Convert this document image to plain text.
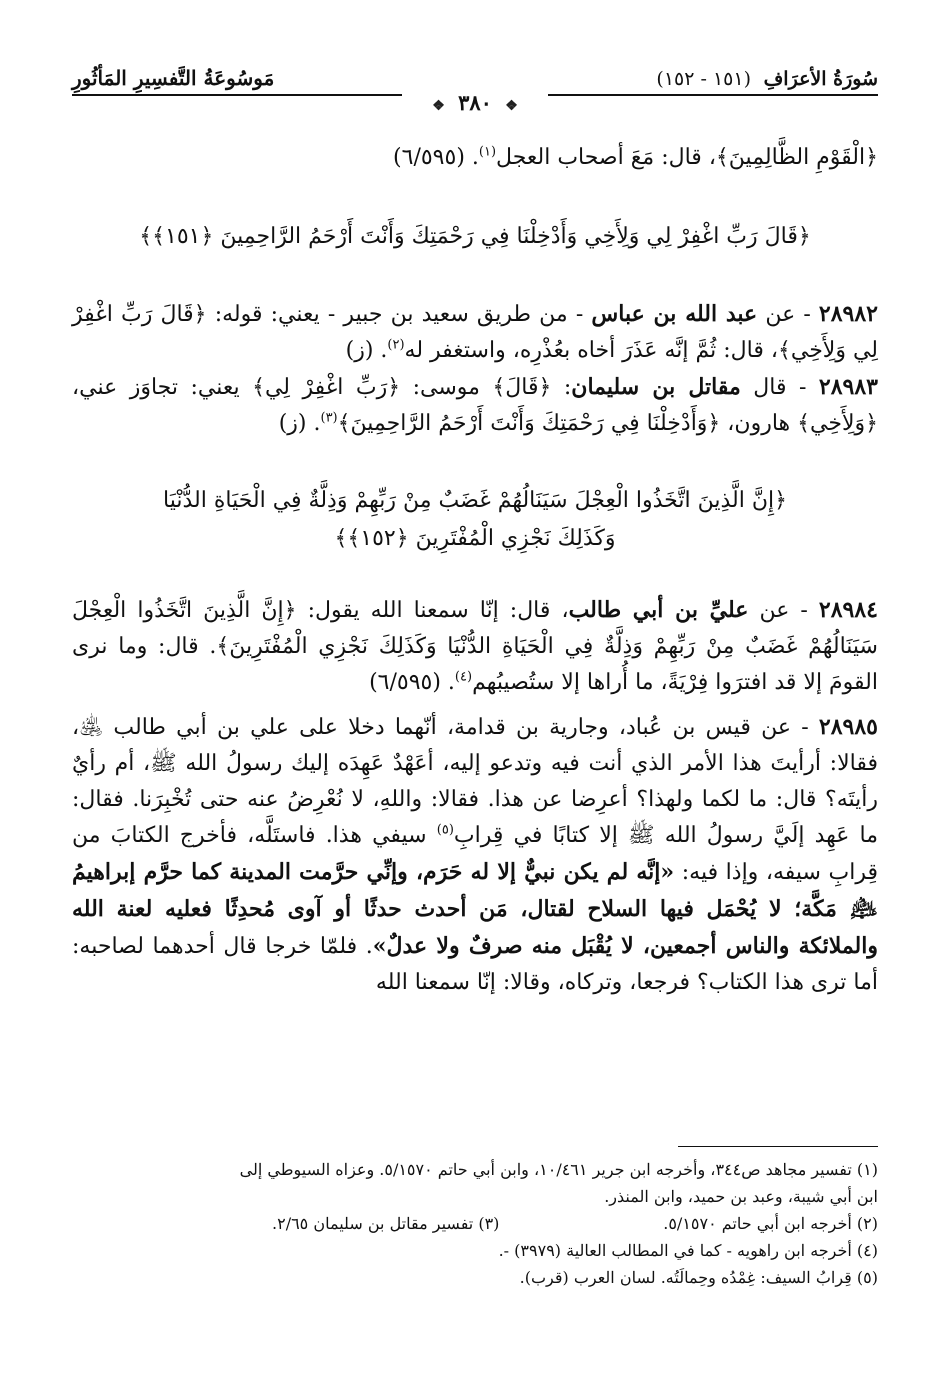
سُورَةُ الأعرَافِ (١٥١ - ١٥٢)
❖ ٣٨٠ ❖
مَوسُوعَةُ التَّفسِيرِ المَأثُورِ

﴿الْقَوْمِ الظَّالِمِينَ﴾، قال: مَعَ أصحاب العجل$^{(١)}$. (٦/٥٩٥)

﴿قَالَ رَبِّ اغْفِرْ لِي وَلِأَخِي وَأَدْخِلْنَا فِي رَحْمَتِكَ وَأَنْتَ أَرْحَمُ الرَّاحِمِينَ ﴿١٥١﴾﴾

٢٨٩٨٢ - عن عبد الله بن عباس - من طريق سعيد بن جبير - يعني: قوله: ﴿قَالَ رَبِّ اغْفِرْ لِي وَلِأَخِي﴾، قال: ثُمَّ إنَّه عَذَرَ أخاه بعُذْرِه، واستغفر له$^{(٢)}$. (ز)

٢٨٩٨٣ - قال مقاتل بن سليمان: ﴿قَالَ﴾ موسى: ﴿رَبِّ اغْفِرْ لِي﴾ يعني: تجاوَز عني، ﴿وَلِأَخِي﴾ هارون، ﴿وَأَدْخِلْنَا فِي رَحْمَتِكَ وَأَنْتَ أَرْحَمُ الرَّاحِمِينَ﴾$^{(٣)}$. (ز)

﴿إِنَّ الَّذِينَ اتَّخَذُوا الْعِجْلَ سَيَنَالُهُمْ غَضَبٌ مِنْ رَبِّهِمْ وَذِلَّةٌ فِي الْحَيَاةِ الدُّنْيَا
وَكَذَلِكَ نَجْزِي الْمُفْتَرِينَ ﴿١٥٢﴾﴾

٢٨٩٨٤ - عن عليِّ بن أبي طالب، قال: إنّا سمعنا الله يقول: ﴿إِنَّ الَّذِينَ اتَّخَذُوا الْعِجْلَ سَيَنَالُهُمْ غَضَبٌ مِنْ رَبِّهِمْ وَذِلَّةٌ فِي الْحَيَاةِ الدُّنْيَا وَكَذَلِكَ نَجْزِي الْمُفْتَرِينَ﴾. قال: وما نرى القومَ إلا قد افترَوا فِرْيَةً، ما أُراها إلا ستُصيبُهم$^{(٤)}$. (٦/٥٩٥)

٢٨٩٨٥ - عن قيس بن عُباد، وجارية بن قدامة، أنّهما دخلا على علي بن أبي طالب ﵁، فقالا: أرأيتَ هذا الأمر الذي أنت فيه وتدعو إليه، أعَهْدٌ عَهِدَه إليك رسولُ الله ﷺ، أم رأيٌ رأيتَه؟ قال: ما لكما ولهذا؟ أعرِضا عن هذا. فقالا: واللهِ، لا نُعْرِضُ عنه حتى تُخْبِرَنا. فقال: ما عَهِد إلَيَّ رسولُ الله ﷺ إلا كتابًا في قِرابِ$^{(٥)}$ سيفي هذا. فاستَلَّه، فأخرج الكتابَ من قِرابِ سيفه، وإذا فيه: «إنَّه لم يكن نبيٌّ إلا له حَرَم، وإنِّي حرَّمت المدينة كما حرَّم إبراهيمُ ﵇ مَكَّة؛ لا يُحْمَل فيها السلاح لقتال، مَن أحدث حدثًا أو آوى مُحدِثًا فعليه لعنة الله والملائكة والناس أجمعين، لا يُقْبَل منه صرفٌ ولا عدلٌ». فلمّا خرجا قال أحدهما لصاحبه: أما ترى هذا الكتاب؟ فرجعا، وتركاه، وقالا: إنّا سمعنا الله

(١) تفسير مجاهد ص٣٤٤، وأخرجه ابن جرير ١٠/٤٦١، وابن أبي حاتم ٥/١٥٧٠. وعزاه السيوطي إلى
ابن أبي شيبة، وعبد بن حميد، وابن المنذر.
(٢) أخرجه ابن أبي حاتم ٥/١٥٧٠.
(٣) تفسير مقاتل بن سليمان ٢/٦٥.
(٤) أخرجه ابن راهويه - كما في المطالب العالية (٣٩٧٩) -.
(٥) قِرابُ السيف: غِمْدُه وحِمالَتُه. لسان العرب (قرب).
